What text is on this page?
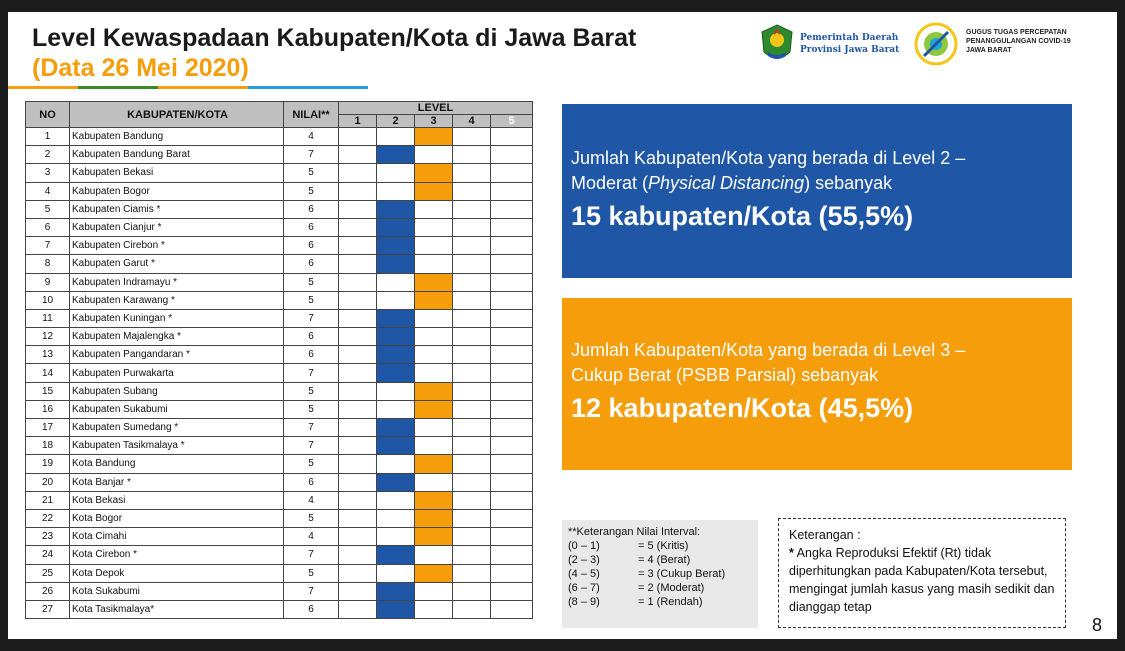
Level Kewaspadaan Kabupaten/Kota di Jawa Barat
(Data 26 Mei 2020)
Pemerintah Daerah
Provinsi Jawa Barat
GUGUS TUGAS PERCEPATAN
PENANGGULANGAN COVID-19
JAWA BARAT
NO	KABUPATEN/KOTA	NILAI**	LEVEL				
			1	2	3	4	5
1	Kabupaten Bandung	4					
2	Kabupaten Bandung Barat	7					
3	Kabupaten Bekasi	5					
4	Kabupaten Bogor	5					
5	Kabupaten Ciamis *	6					
6	Kabupaten Cianjur *	6					
7	Kabupaten Cirebon *	6					
8	Kabupaten Garut *	6					
9	Kabupaten Indramayu *	5					
10	Kabupaten Karawang *	5					
11	Kabupaten Kuningan *	7					
12	Kabupaten Majalengka *	6					
13	Kabupaten Pangandaran *	6					
14	Kabupaten Purwakarta	7					
15	Kabupaten Subang	5					
16	Kabupaten Sukabumi	5					
17	Kabupaten Sumedang *	7					
18	Kabupaten Tasikmalaya *	7					
19	Kota Bandung	5					
20	Kota Banjar *	6					
21	Kota Bekasi	4					
22	Kota Bogor	5					
23	Kota Cimahi	4					
24	Kota Cirebon *	7					
25	Kota Depok	5					
26	Kota Sukabumi	7					
27	Kota Tasikmalaya*	6					
Jumlah Kabupaten/Kota yang berada di Level 2 –
Moderat (Physical Distancing) sebanyak
15 kabupaten/Kota (55,5%)
Jumlah Kabupaten/Kota yang berada di Level 3 –
Cukup Berat (PSBB Parsial) sebanyak
12 kabupaten/Kota (45,5%)
**Keterangan Nilai Interval:
(0 – 1)	= 5 (Kritis)
(2 – 3)	= 4 (Berat)
(4 – 5)	= 3 (Cukup Berat)
(6 – 7)	= 2 (Moderat)
(8 – 9)	= 1 (Rendah)
Keterangan :
* Angka Reproduksi Efektif (Rt) tidak diperhitungkan pada Kabupaten/Kota tersebut, mengingat jumlah kasus yang masih sedikit dan dianggap tetap
8
